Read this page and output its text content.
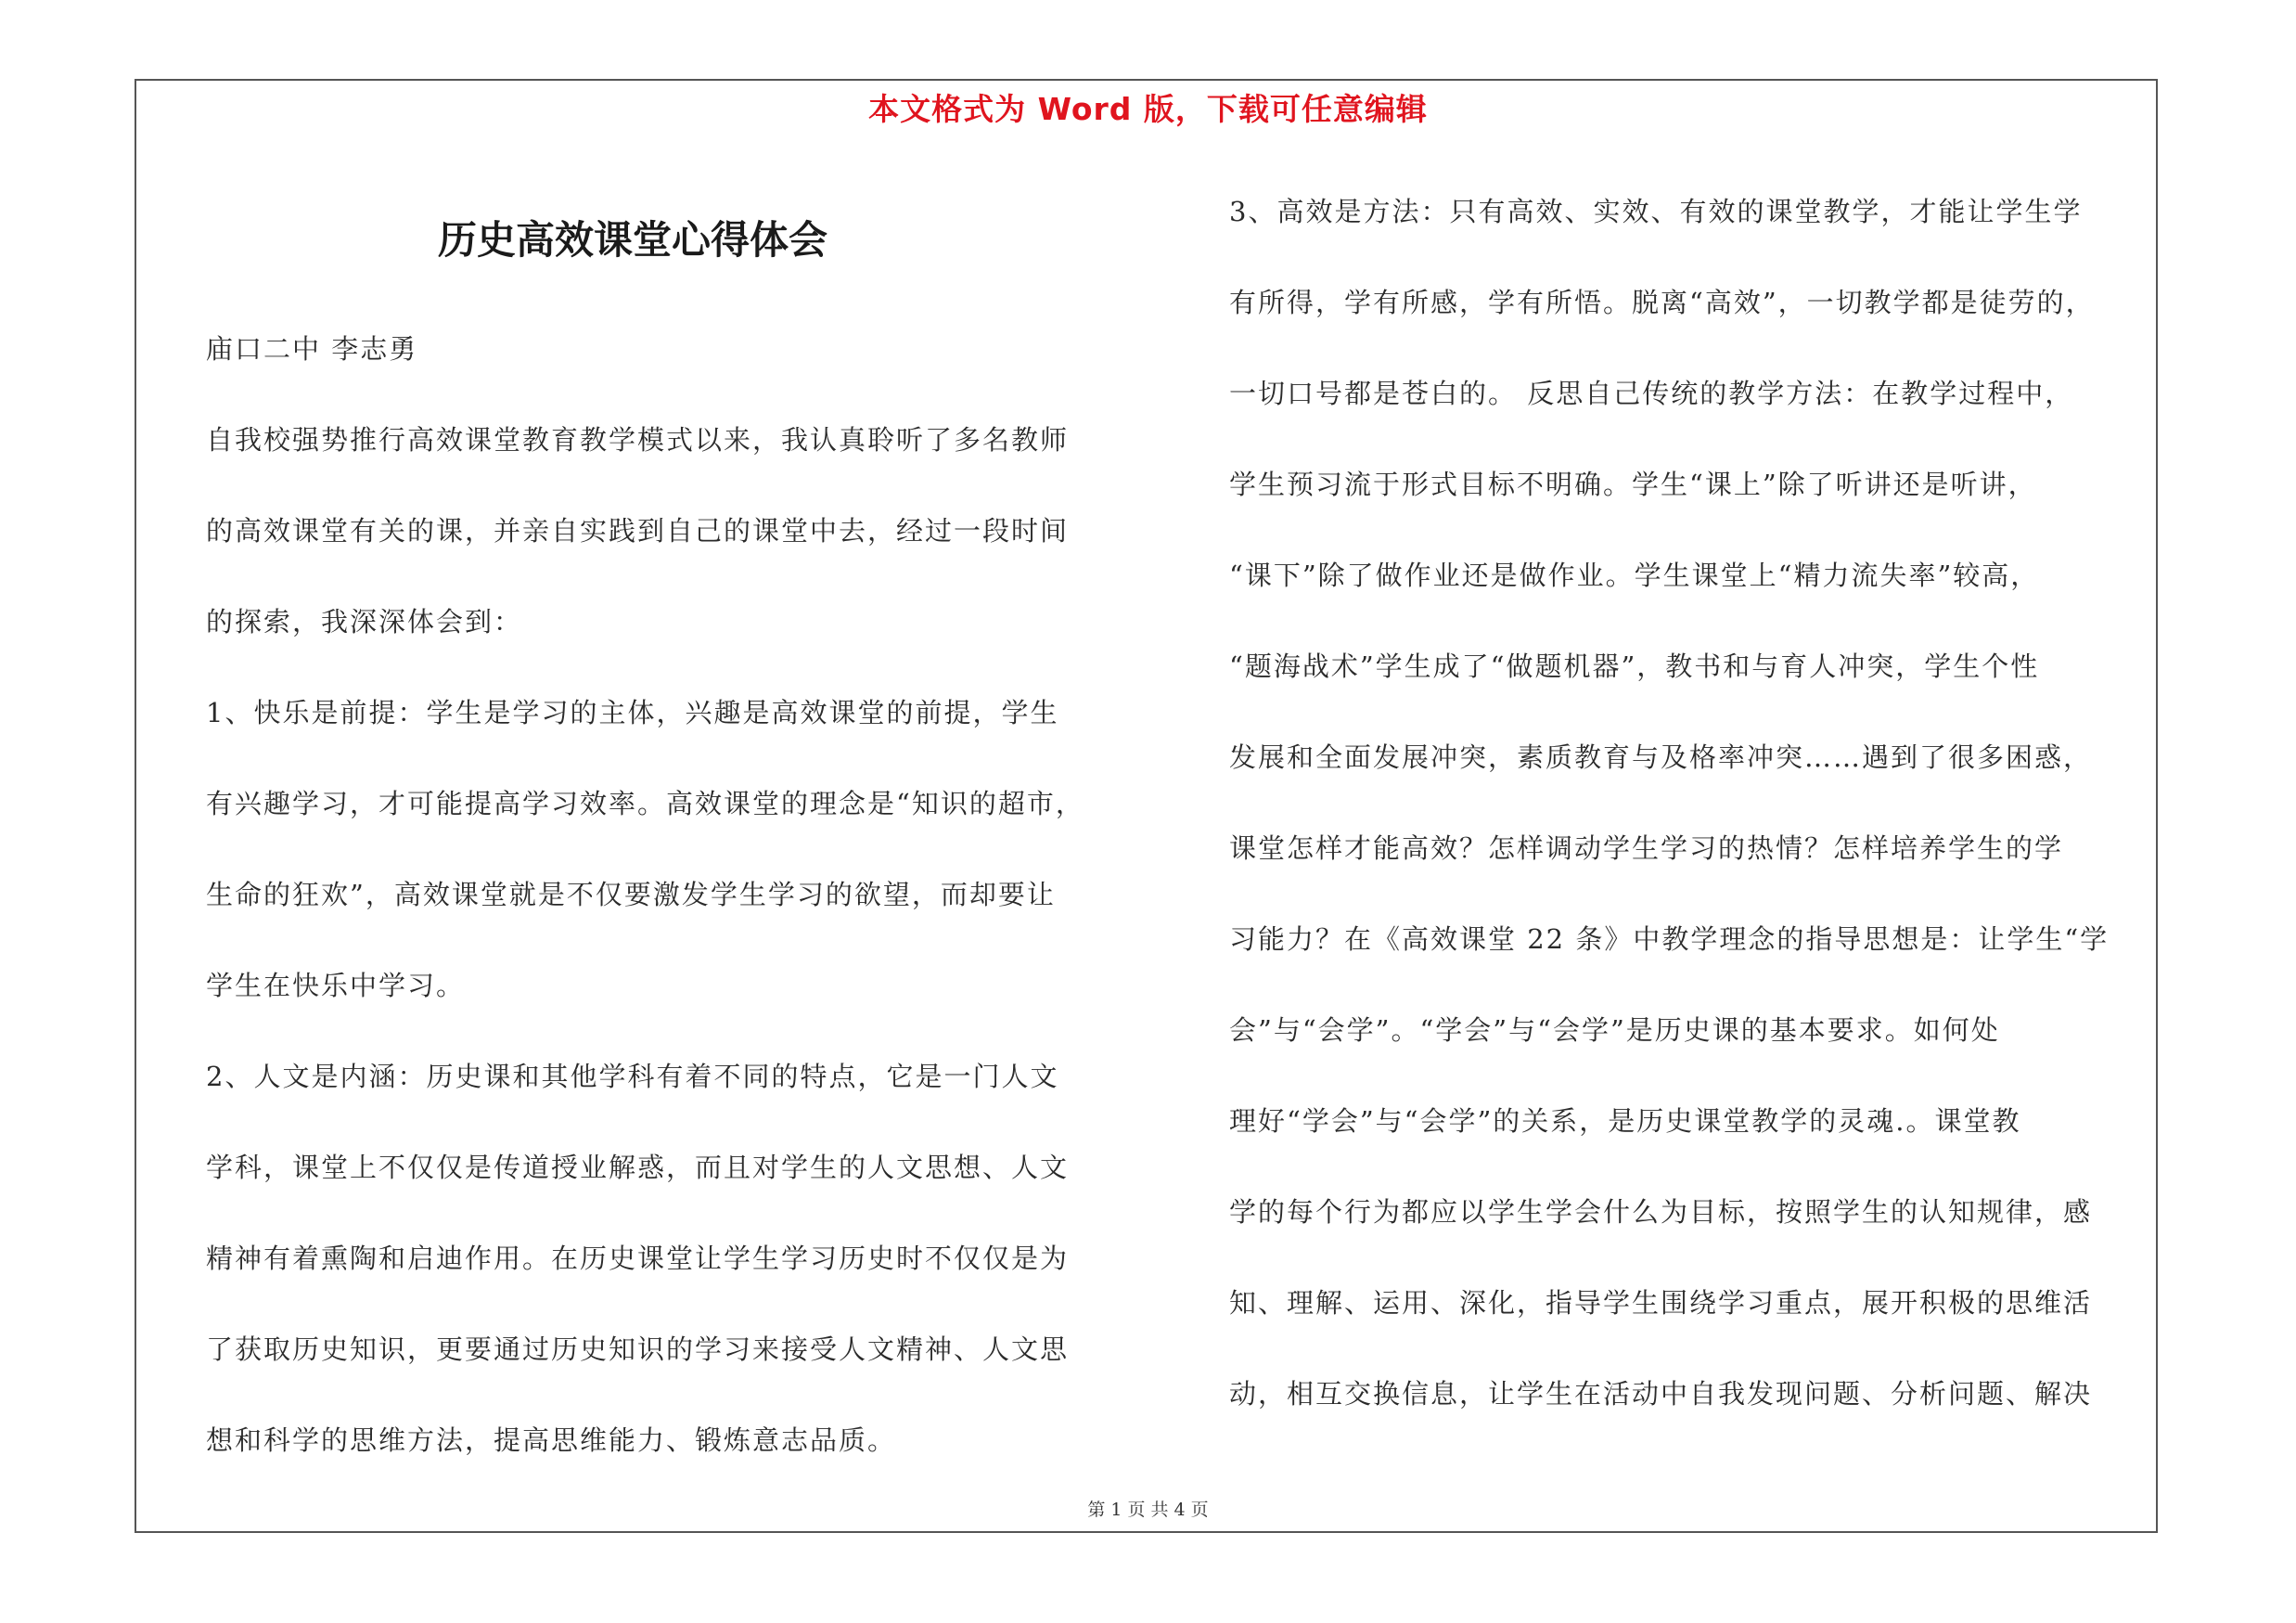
本文格式为 Word 版，下载可任意编辑
历史高效课堂心得体会
庙口二中 李志勇
自我校强势推行高效课堂教育教学模式以来，我认真聆听了多名教师
的高效课堂有关的课，并亲自实践到自己的课堂中去，经过一段时间
的探索，我深深体会到：
1、快乐是前提：学生是学习的主体，兴趣是高效课堂的前提，学生
有兴趣学习，才可能提高学习效率。高效课堂的理念是“知识的超市，
生命的狂欢”，高效课堂就是不仅要激发学生学习的欲望，而却要让
学生在快乐中学习。
2、人文是内涵：历史课和其他学科有着不同的特点，它是一门人文
学科，课堂上不仅仅是传道授业解惑，而且对学生的人文思想、人文
精神有着熏陶和启迪作用。在历史课堂让学生学习历史时不仅仅是为
了获取历史知识，更要通过历史知识的学习来接受人文精神、人文思
想和科学的思维方法，提高思维能力、锻炼意志品质。
3、高效是方法：只有高效、实效、有效的课堂教学，才能让学生学
有所得，学有所感，学有所悟。脱离“高效”，一切教学都是徒劳的，
一切口号都是苍白的。 反思自己传统的教学方法：在教学过程中，
学生预习流于形式目标不明确。学生“课上”除了听讲还是听讲，
“课下”除了做作业还是做作业。学生课堂上“精力流失率”较高，
“题海战术”学生成了“做题机器”，教书和与育人冲突，学生个性
发展和全面发展冲突，素质教育与及格率冲突……遇到了很多困惑，
课堂怎样才能高效？怎样调动学生学习的热情？怎样培养学生的学
习能力？在《高效课堂 22 条》中教学理念的指导思想是：让学生“学
会”与“会学”。“学会”与“会学”是历史课的基本要求。如何处
理好“学会”与“会学”的关系，是历史课堂教学的灵魂.。课堂教
学的每个行为都应以学生学会什么为目标，按照学生的认知规律，感
知、理解、运用、深化，指导学生围绕学习重点，展开积极的思维活
动，相互交换信息，让学生在活动中自我发现问题、分析问题、解决
第 1 页 共 4 页
